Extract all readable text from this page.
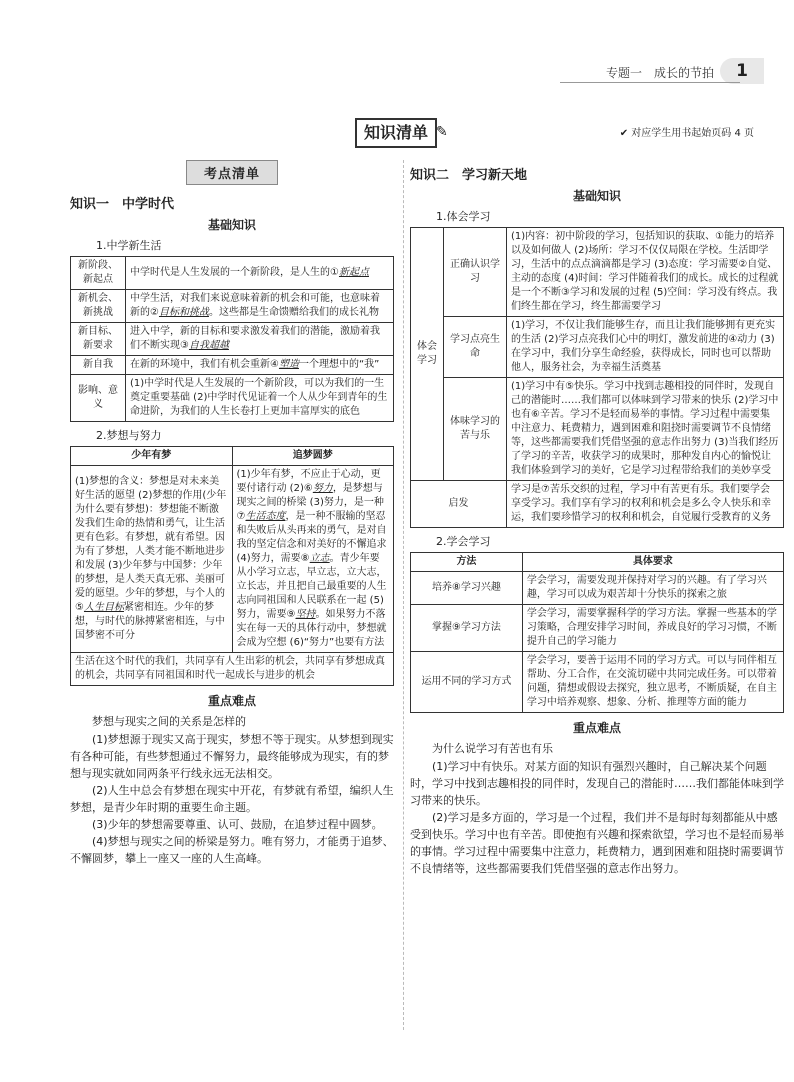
专题一　成长的节拍	1
知识清单 ✎	✔ 对应学生用书起始页码 4 页
考点清单
知识一　中学时代
基础知识
1.中学新生活
新阶段、新起点	中学时代是人生发展的一个新阶段，是人生的①新起点
新机会、新挑战	中学生活，对我们来说意味着新的机会和可能，也意味着新的②目标和挑战。这些都是生命馈赠给我们的成长礼物
新目标、新要求	进入中学，新的目标和要求激发着我们的潜能，激励着我们不断实现③自我超越
新自我	在新的环境中，我们有机会重新④塑造一个理想中的“我”
影响、意义	(1)中学时代是人生发展的一个新阶段，可以为我们的一生奠定重要基础 (2)中学时代见证着一个人从少年到青年的生命进阶，为我们的人生长卷打上更加丰富厚实的底色
2.梦想与努力
少年有梦	追梦圆梦
(1)梦想的含义：梦想是对未来美好生活的愿望 (2)梦想的作用(少年为什么要有梦想)：梦想能不断激发我们生命的热情和勇气，让生活更有色彩。有梦想，就有希望。因为有了梦想，人类才能不断地进步和发展 (3)少年梦与中国梦：少年的梦想，是人类天真无邪、美丽可爱的愿望。少年的梦想，与个人的⑤人生目标紧密相连。少年的梦想，与时代的脉搏紧密相连，与中国梦密不可分	(1)少年有梦，不应止于心动，更要付诸行动 (2)⑥努力，是梦想与现实之间的桥梁 (3)努力，是一种⑦生活态度，是一种不服输的坚忍和失败后从头再来的勇气，是对自我的坚定信念和对美好的不懈追求 (4)努力，需要⑧立志。青少年要从小学习立志，早立志，立大志，立长志，并且把自己最重要的人生志向同祖国和人民联系在一起 (5)努力，需要⑨坚持。如果努力不落实在每一天的具体行动中，梦想就会成为空想 (6)“努力”也要有方法
生活在这个时代的我们，共同享有人生出彩的机会，共同享有梦想成真的机会，共同享有同祖国和时代一起成长与进步的机会	
重点难点
梦想与现实之间的关系是怎样的

(1)梦想源于现实又高于现实，梦想不等于现实。从梦想到现实有各种可能，有些梦想通过不懈努力，最终能够成为现实，有的梦想与现实就如同两条平行线永远无法相交。

(2)人生中总会有梦想在现实中开花，有梦就有希望，编织人生梦想，是青少年时期的重要生命主题。

(3)少年的梦想需要尊重、认可、鼓励，在追梦过程中圆梦。

(4)梦想与现实之间的桥梁是努力。唯有努力，才能勇于追梦、不懈圆梦，攀上一座又一座的人生高峰。

知识二　学习新天地
基础知识
1.体会学习
体会学习	正确认识学习	(1)内容：初中阶段的学习，包括知识的获取、①能力的培养以及如何做人 (2)场所：学习不仅仅局限在学校。生活即学习，生活中的点点滴滴都是学习 (3)态度：学习需要②自觉、主动的态度 (4)时间：学习伴随着我们的成长。成长的过程就是一个不断③学习和发展的过程 (5)空间：学习没有终点。我们终生都在学习，终生都需要学习
	学习点亮生命	(1)学习，不仅让我们能够生存，而且让我们能够拥有更充实的生活 (2)学习点亮我们心中的明灯，激发前进的④动力 (3)在学习中，我们分享生命经验，获得成长，同时也可以帮助他人，服务社会，为幸福生活奠基
	体味学习的苦与乐	(1)学习中有⑤快乐。学习中找到志趣相投的同伴时，发现自己的潜能时……我们都可以体味到学习带来的快乐 (2)学习中也有⑥辛苦。学习不是轻而易举的事情。学习过程中需要集中注意力、耗费精力，遇到困难和阻挠时需要调节不良情绪等，这些都需要我们凭借坚强的意志作出努力 (3)当我们经历了学习的辛苦，收获学习的成果时，那种发自内心的愉悦让我们体验到学习的美好，它是学习过程带给我们的美妙享受
启发		学习是⑦苦乐交织的过程，学习中有苦更有乐。我们要学会享受学习。我们享有学习的权利和机会是多么令人快乐和幸运，我们要珍惜学习的权利和机会，自觉履行受教育的义务
2.学会学习
方法	具体要求
培养⑧学习兴趣	学会学习，需要发现并保持对学习的兴趣。有了学习兴趣，学习可以成为艰苦却十分快乐的探索之旅
掌握⑨学习方法	学会学习，需要掌握科学的学习方法。掌握一些基本的学习策略，合理安排学习时间，养成良好的学习习惯，不断提升自己的学习能力
运用不同的学习方式	学会学习，要善于运用不同的学习方式。可以与同伴相互帮助、分工合作，在交流切磋中共同完成任务。可以带着问题，猜想或假设去探究，独立思考，不断质疑，在自主学习中培养观察、想象、分析、推理等方面的能力
重点难点
为什么说学习有苦也有乐

(1)学习中有快乐。对某方面的知识有强烈兴趣时，自己解决某个问题时，学习中找到志趣相投的同伴时，发现自己的潜能时……我们都能体味到学习带来的快乐。

(2)学习是多方面的，学习是一个过程，我们并不是每时每刻都能从中感受到快乐。学习中也有辛苦。即使抱有兴趣和探索欲望，学习也不是轻而易举的事情。学习过程中需要集中注意力，耗费精力，遇到困难和阻挠时需要调节不良情绪等，这些都需要我们凭借坚强的意志作出努力。
